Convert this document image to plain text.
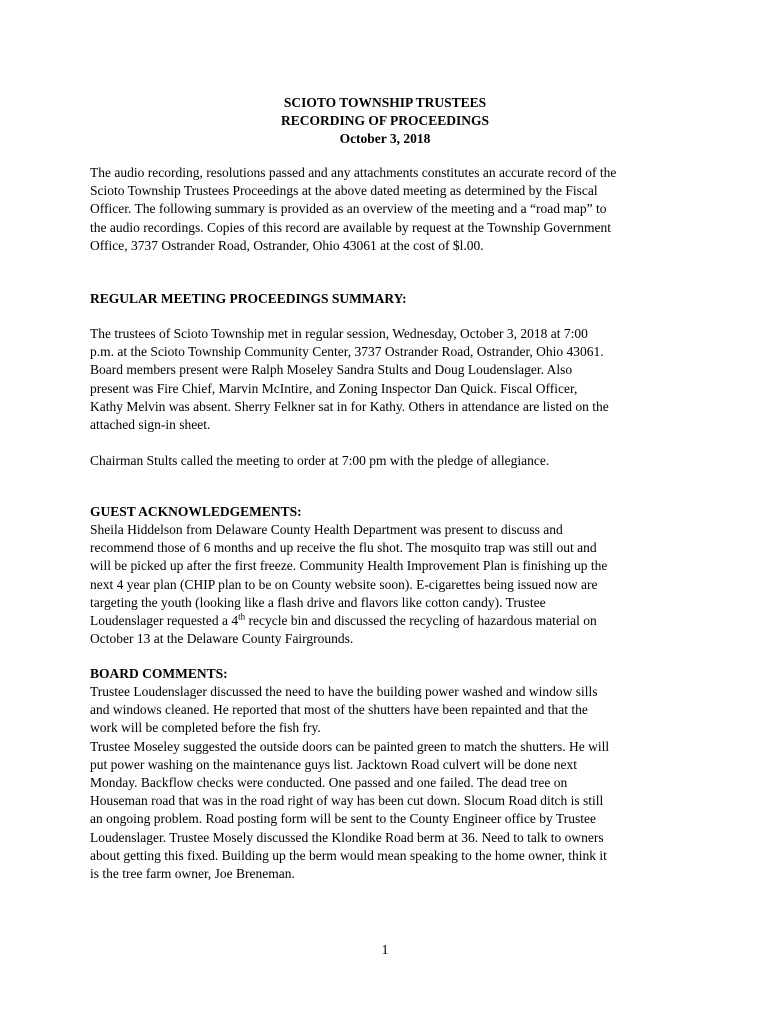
SCIOTO TOWNSHIP TRUSTEES
RECORDING OF PROCEEDINGS
October 3, 2018
The audio recording, resolutions passed and any attachments constitutes an accurate record of the
Scioto Township Trustees Proceedings at the above dated meeting as determined by the Fiscal
Officer. The following summary is provided as an overview of the meeting and a “road map” to
the audio recordings. Copies of this record are available by request at the Township Government
Office, 3737 Ostrander Road, Ostrander, Ohio 43061 at the cost of $l.00.
REGULAR MEETING PROCEEDINGS SUMMARY:
The trustees of Scioto Township met in regular session, Wednesday, October 3, 2018 at 7:00
p.m. at the Scioto Township Community Center, 3737 Ostrander Road, Ostrander, Ohio 43061.
Board members present were Ralph Moseley Sandra Stults and Doug Loudenslager. Also
present was Fire Chief, Marvin McIntire, and Zoning Inspector Dan Quick. Fiscal Officer,
Kathy Melvin was absent. Sherry Felkner sat in for Kathy. Others in attendance are listed on the
attached sign-in sheet.
Chairman Stults called the meeting to order at 7:00 pm with the pledge of allegiance.
GUEST ACKNOWLEDGEMENTS:
Sheila Hiddelson from Delaware County Health Department was present to discuss and
recommend those of 6 months and up receive the flu shot. The mosquito trap was still out and
will be picked up after the first freeze. Community Health Improvement Plan is finishing up the
next 4 year plan (CHIP plan to be on County website soon). E-cigarettes being issued now are
targeting the youth (looking like a flash drive and flavors like cotton candy). Trustee
Loudenslager requested a 4th recycle bin and discussed the recycling of hazardous material on
October 13 at the Delaware County Fairgrounds.
BOARD COMMENTS:
Trustee Loudenslager discussed the need to have the building power washed and window sills
and windows cleaned. He reported that most of the shutters have been repainted and that the
work will be completed before the fish fry.
Trustee Moseley suggested the outside doors can be painted green to match the shutters. He will
put power washing on the maintenance guys list. Jacktown Road culvert will be done next
Monday. Backflow checks were conducted. One passed and one failed. The dead tree on
Houseman road that was in the road right of way has been cut down. Slocum Road ditch is still
an ongoing problem. Road posting form will be sent to the County Engineer office by Trustee
Loudenslager. Trustee Mosely discussed the Klondike Road berm at 36. Need to talk to owners
about getting this fixed. Building up the berm would mean speaking to the home owner, think it
is the tree farm owner, Joe Breneman.
1
